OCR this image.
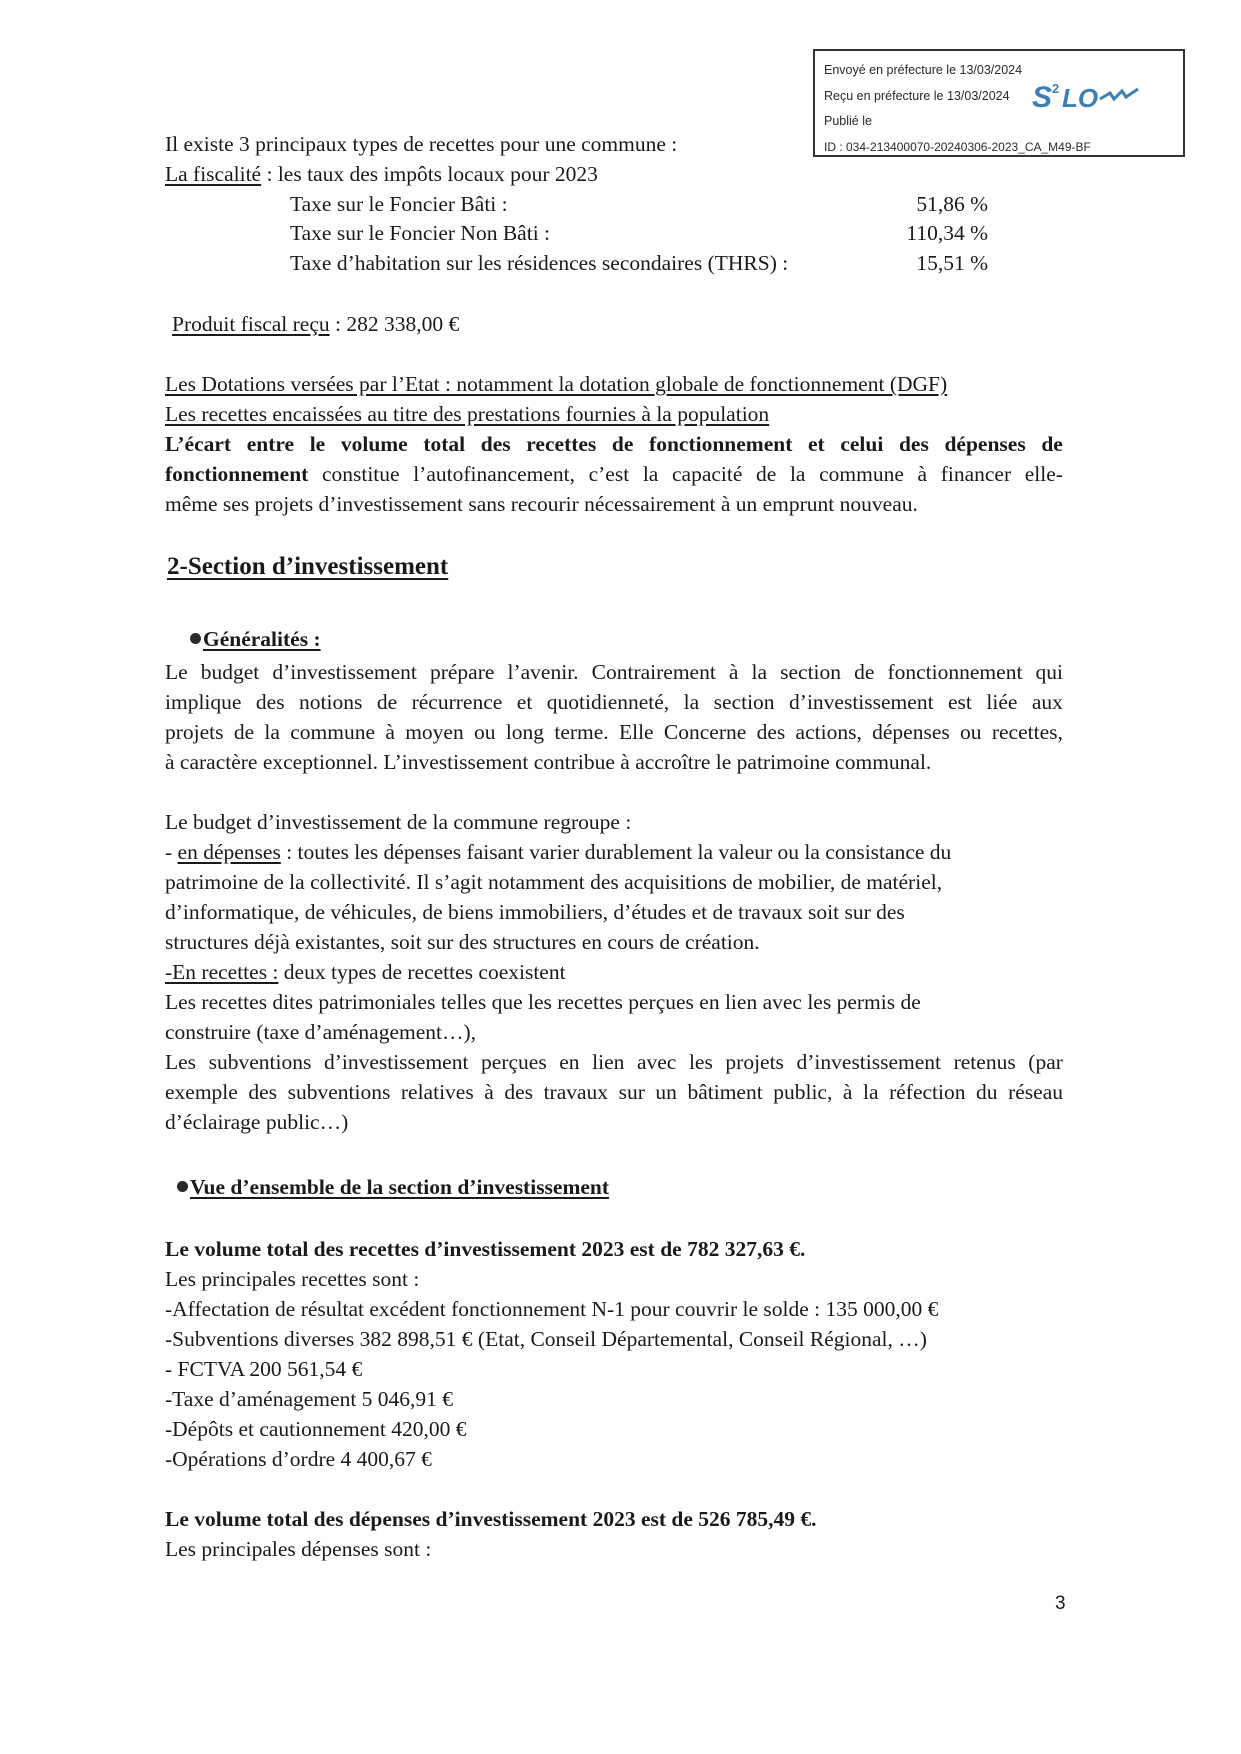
Envoyé en préfecture le 13/03/2024
Reçu en préfecture le 13/03/2024
Publié le
ID : 034-213400070-20240306-2023_CA_M49-BF
S 2 LO
Il existe 3 principaux types de recettes pour une commune :
La fiscalité : les taux des impôts locaux pour 2023
Taxe sur le Foncier Bâti :	51,86 %
Taxe sur le Foncier Non Bâti :	110,34 %
Taxe d’habitation sur les résidences secondaires (THRS) :	15,51 %
Produit fiscal reçu : 282 338,00 €
Les Dotations versées par l’Etat : notamment la dotation globale de fonctionnement (DGF)
Les recettes encaissées au titre des prestations fournies à la population
L’écart entre le volume total des recettes de fonctionnement et celui des dépenses de
fonctionnement constitue l’autofinancement, c’est la capacité de la commune à financer elle-
même ses projets d’investissement sans recourir nécessairement à un emprunt nouveau.
2-Section d’investissement
Généralités :
Le budget d’investissement prépare l’avenir. Contrairement à la section de fonctionnement qui
implique des notions de récurrence et quotidienneté, la section d’investissement est liée aux
projets de la commune à moyen ou long terme. Elle Concerne des actions, dépenses ou recettes,
à caractère exceptionnel. L’investissement contribue à accroître le patrimoine communal.
Le budget d’investissement de la commune regroupe :
- en dépenses : toutes les dépenses faisant varier durablement la valeur ou la consistance du
patrimoine de la collectivité. Il s’agit notamment des acquisitions de mobilier, de matériel,
d’informatique, de véhicules, de biens immobiliers, d’études et de travaux soit sur des
structures déjà existantes, soit sur des structures en cours de création.
-En recettes : deux types de recettes coexistent
Les recettes dites patrimoniales telles que les recettes perçues en lien avec les permis de
construire (taxe d’aménagement…),
Les subventions d’investissement perçues en lien avec les projets d’investissement retenus (par
exemple des subventions relatives à des travaux sur un bâtiment public, à la réfection du réseau
d’éclairage public…)
Vue d’ensemble de la section d’investissement
Le volume total des recettes d’investissement 2023 est de 782 327,63 €.
Les principales recettes sont :
-Affectation de résultat excédent fonctionnement N-1 pour couvrir le solde : 135 000,00 €
-Subventions diverses 382 898,51 € (Etat, Conseil Départemental, Conseil Régional, …)
- FCTVA 200 561,54 €
-Taxe d’aménagement 5 046,91 €
-Dépôts et cautionnement 420,00 €
-Opérations d’ordre 4 400,67 €
Le volume total des dépenses d’investissement 2023 est de 526 785,49 €.
Les principales dépenses sont :
3
